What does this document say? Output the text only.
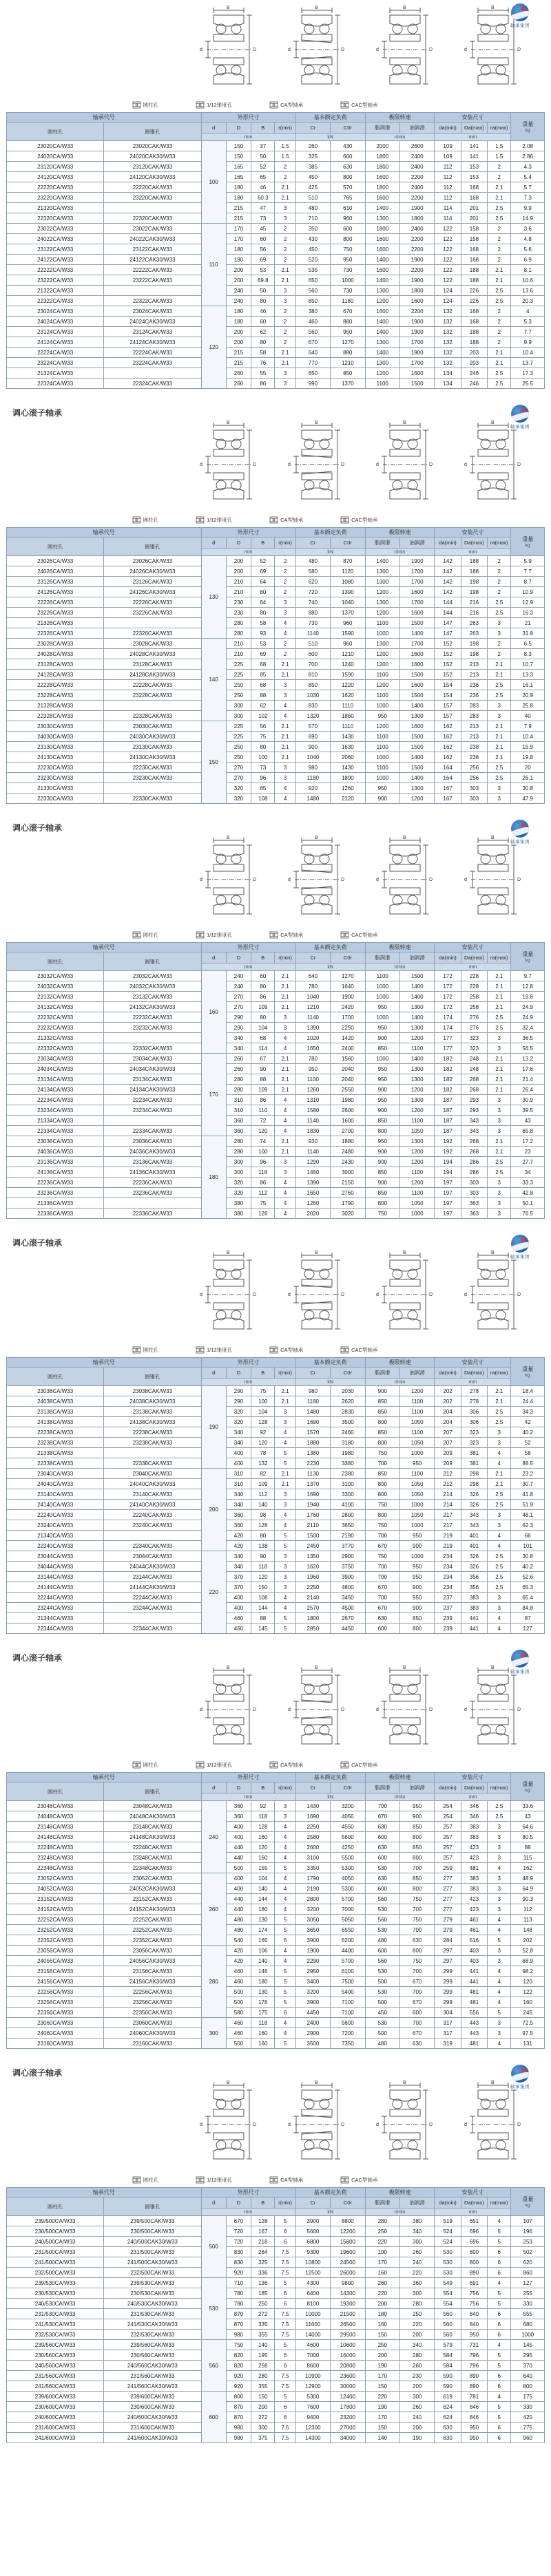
轴承集团
B
D
d
B
D
d
B
D
d
B
D
d
圆柱孔	1/12锥度孔	CA型轴承	CAC型轴承
轴承代号		外形尺寸				基本额定负荷		极限转速		安装尺寸			重量
kg

圆柱孔	圆锥孔	d	D	B	r(min)	Cr	C0r	脂润滑	油润滑	da(min)	Da(max)	ra(max)	
		mm				kN		r/min		mm			
23020CA/W33	23020CAK/W33	100	150	37	1.5	260	430	2000	2600	109	141	1.5	2.08
24020CA/W33	24020CAK30/W33		150	50	1.5	325	600	1800	2400	109	141	1.5	2.86
23120CA/W33	23120CAK/W33		165	52	2	385	630	1800	2400	112	153	2	4.3
24120CA/W33	24120CAK30/W33		165	65	2	450	800	1600	2200	112	153	2	5.4
22220CA/W33	22220CAK/W33		180	46	2.1	425	570	1800	2400	112	168	2.1	5.7
23220CA/W33	23220CAK/W33		180	60.3	2.1	510	765	1600	2200	112	168	2.1	7.3
21320CA/W33			215	47	3	480	610	1400	1900	114	201	2.5	9.9
22320CA/W33	22320CAK/W33		215	73	3	710	960	1300	1800	114	201	2.5	14.9
23022CA/W33	23022CAK/W33	110	170	45	2	350	600	1800	2400	122	158	2	3.6
24022CA/W33	24022CAK30/W33		170	60	2	430	800	1600	2200	122	158	2	4.8
23122CA/W33	23122CAK/W33		180	56	2	450	750	1600	2200	122	168	2	5.6
24122CA/W33	24122CAK30/W33		180	69	2	520	950	1400	1900	122	168	2	6.9
22222CA/W33	22222CAK/W33		200	53	2.1	535	730	1600	2200	122	188	2.1	8.1
23222CA/W33	23222CAK/W33		200	69.8	2.1	650	1000	1400	1900	122	188	2.1	10.6
21322CA/W33			240	50	3	560	730	1300	1800	124	226	2.5	13.6
22322CA/W33	22322CAK/W33		240	80	3	850	1180	1200	1600	124	226	2.5	20.3
23024CA/W33	23024CAK/W33	120	180	46	2	380	670	1600	2200	132	168	2	4
24024CA/W33	24024CAK30/W33		180	60	2	460	880	1400	1900	132	168	2	5.3
23124CA/W33	23124CAK/W33		200	62	2	560	950	1400	1900	132	188	2	7.7
24124CA/W33	24124CAK30/W33		200	80	2	670	1270	1300	1700	132	188	2	9.9
22224CA/W33	22224CAK/W33		215	58	2.1	640	880	1400	1900	132	203	2.1	10.4
23224CA/W33	23224CAK/W33		215	76	2.1	770	1210	1300	1700	132	203	2.1	13.7
21324CA/W33			260	55	3	650	850	1200	1600	134	246	2.5	17.3
22324CA/W33	22324CAK/W33		260	86	3	990	1370	1100	1500	134	246	2.5	25.5
调心滚子轴承
轴承集团
B
D
d
B
D
d
B
D
d
B
D
d
圆柱孔	1/12锥度孔	CA型轴承	CAC型轴承
轴承代号		外形尺寸				基本额定负荷		极限转速		安装尺寸			重量
kg

圆柱孔	圆锥孔	d	D	B	r(min)	Cr	C0r	脂润滑	油润滑	da(min)	Da(max)	ra(max)	
		mm				kN		r/min		mm			
23026CA/W33	23026CAK/W33	130	200	52	2	480	870	1400	1900	142	188	2	5.9
24026CA/W33	24026CAK30/W33		200	69	2	580	1120	1300	1700	142	188	2	7.7
23126CA/W33	23126CAK/W33		210	64	2	620	1080	1300	1700	142	198	2	8.7
24126CA/W33	24126CAK30/W33		210	80	2	720	1390	1200	1600	142	198	2	10.9
22226CA/W33	22226CAK/W33		230	64	3	740	1040	1300	1700	144	216	2.5	12.9
23226CA/W33	23226CAK/W33		230	80	3	880	1370	1200	1600	144	216	2.5	16.3
21326CA/W33			280	58	4	730	960	1100	1500	147	263	3	21
22326CA/W33	22326CAK/W33		280	93	4	1140	1590	1000	1400	147	263	3	31.8
23028CA/W33	23028CAK/W33	140	210	53	2	510	960	1300	1700	152	198	2	6.5
24028CA/W33	24028CAK30/W33		210	69	2	600	1210	1200	1600	152	198	2	8.3
23128CA/W33	23128CAK/W33		225	68	2.1	700	1240	1200	1600	152	213	2.1	10.7
24128CA/W33	24128CAK30/W33		225	85	2.1	810	1590	1100	1500	152	213	2.1	13.3
22228CA/W33	22228CAK/W33		250	68	3	850	1220	1200	1600	154	236	2.5	16.1
23228CA/W33	23228CAK/W33		250	88	3	1030	1620	1100	1500	154	236	2.5	20.9
21328CA/W33			300	62	4	830	1110	1000	1400	157	283	3	25.8
22328CA/W33	22328CAK/W33		300	102	4	1320	1860	950	1300	157	283	3	40
23030CA/W33	23030CAK/W33	150	225	56	2.1	570	1110	1200	1600	162	213	2.1	7.9
24030CA/W33	24030CAK30/W33		225	75	2.1	690	1430	1100	1500	162	213	2.1	10.4
23130CA/W33	23130CAK/W33		250	80	2.1	900	1630	1100	1500	162	238	2.1	15.9
24130CA/W33	24130CAK30/W33		250	100	2.1	1040	2060	1000	1400	162	238	2.1	19.8
22230CA/W33	22230CAK/W33		270	73	3	980	1430	1100	1500	164	256	2.5	20
23230CA/W33	23230CAK/W33		270	96	3	1180	1890	1000	1400	164	256	2.5	26.1
21330CA/W33			320	65	4	920	1260	950	1300	167	303	3	30.8
22330CA/W33	22330CAK/W33		320	108	4	1480	2120	900	1200	167	303	3	47.9
调心滚子轴承
轴承集团
B
D
d
B
D
d
B
D
d
B
D
d
圆柱孔	1/12锥度孔	CA型轴承	CAC型轴承
轴承代号		外形尺寸				基本额定负荷		极限转速		安装尺寸			重量
kg

圆柱孔	圆锥孔	d	D	B	r(min)	Cr	C0r	脂润滑	油润滑	da(min)	Da(max)	ra(max)	
		mm				kN		r/min		mm			
23032CA/W33	23032CAK/W33	160	240	60	2.1	640	1270	1100	1500	172	228	2.1	9.7
24032CA/W33	24032CAK30/W33		240	80	2.1	780	1640	1000	1400	172	228	2.1	12.8
23132CA/W33	23132CAK/W33		270	86	2.1	1040	1900	1000	1400	172	258	2.1	19.8
24132CA/W33	24132CAK30/W33		270	109	2.1	1210	2420	950	1300	172	258	2.1	24.9
22232CA/W33	22232CAK/W33		290	80	3	1140	1700	1000	1400	174	276	2.5	24.9
23232CA/W33	23232CAK/W33		290	104	3	1390	2250	950	1300	174	276	2.5	32.4
21332CA/W33			340	68	4	1020	1420	900	1200	177	323	3	36.5
22332CA/W33	22332CAK/W33		340	114	4	1650	2400	850	1100	177	323	3	56.5
23034CA/W33	23034CAK/W33	170	260	67	2.1	780	1560	1000	1400	182	248	2.1	13.2
24034CA/W33	24034CAK30/W33		260	90	2.1	950	2040	950	1300	182	248	2.1	17.6
23134CA/W33	23134CAK/W33		280	88	2.1	1100	2040	950	1300	182	268	2.1	21.4
24134CA/W33	24134CAK30/W33		280	109	2.1	1260	2550	900	1200	182	268	2.1	26.4
22234CA/W33	22234CAK/W33		310	86	4	1310	1980	950	1300	187	293	3	30.9
23234CA/W33	23234CAK/W33		310	110	4	1580	2600	900	1200	187	293	3	39.5
21334CA/W33			360	72	4	1140	1600	850	1100	187	343	3	43
22334CA/W33	22334CAK/W33		360	120	4	1830	2700	800	1050	187	343	3	65.8
23036CA/W33	23036CAK/W33	180	280	74	2.1	930	1880	950	1300	192	268	2.1	17.2
24036CA/W33	24036CAK30/W33		280	100	2.1	1140	2480	900	1200	192	268	2.1	23
23136CA/W33	23136CAK/W33		300	96	3	1290	2430	900	1200	194	286	2.5	27.7
24136CA/W33	24136CAK30/W33		300	118	3	1460	3000	850	1100	194	286	2.5	34
22236CA/W33	22236CAK/W33		320	86	4	1390	2150	900	1200	197	303	3	33.3
23236CA/W33	23236CAK/W33		320	112	4	1650	2760	850	1100	197	303	3	42.8
21336CA/W33			380	75	4	1260	1790	800	1050	197	363	3	50.1
22336CA/W33	22336CAK/W33		380	126	4	2020	3020	750	1000	197	363	3	76.5
调心滚子轴承
轴承集团
B
D
d
B
D
d
B
D
d
B
D
d
圆柱孔	1/12锥度孔	CA型轴承	CAC型轴承
轴承代号		外形尺寸				基本额定负荷		极限转速		安装尺寸			重量
kg

圆柱孔	圆锥孔	d	D	B	r(min)	Cr	C0r	脂润滑	油润滑	da(min)	Da(max)	ra(max)	
		mm				kN		r/min		mm			
23038CA/W33	23038CAK/W33	190	290	75	2.1	980	2030	900	1200	202	278	2.1	18.4
24038CA/W33	24038CAK30/W33		290	100	2.1	1180	2620	850	1100	202	278	2.1	24.4
23138CA/W33	23138CAK/W33		320	104	3	1480	2830	850	1100	204	306	2.5	34.3
24138CA/W33	24138CAK30/W33		320	128	3	1690	3500	800	1050	204	306	2.5	42
22238CA/W33	22238CAK/W33		340	92	4	1570	2460	850	1100	207	323	3	40.2
23238CA/W33	23238CAK/W33		340	120	4	1880	3180	800	1050	207	323	3	52
21338CA/W33			400	78	5	1380	1980	750	1000	209	381	4	58
22338CA/W33	22338CAK/W33		400	132	5	2230	3380	700	950	209	381	4	88.5
23040CA/W33	23040CAK/W33	200	310	82	2.1	1130	2380	850	1100	212	298	2.1	23.2
24040CA/W33	24040CAK30/W33		310	109	2.1	1370	3100	800	1050	212	298	2.1	30.7
23140CA/W33	23140CAK/W33		340	112	3	1690	3300	800	1050	214	326	2.5	41.8
24140CA/W33	24140CAK30/W33		340	140	3	1940	4100	750	1000	214	326	2.5	51.9
22240CA/W33	22240CAK/W33		360	98	4	1760	2800	800	1050	217	343	3	48.1
23240CA/W33	23240CAK/W33		360	128	4	2110	3650	750	1000	217	343	3	62.3
21340CA/W33			420	80	5	1500	2190	700	950	219	401	4	66
22340CA/W33	22340CAK/W33		420	138	5	2450	3770	670	900	219	401	4	101
23044CA/W33	23044CAK/W33	220	340	90	3	1350	2900	750	1000	234	326	2.5	30.8
24044CA/W33	24044CAK30/W33		340	118	3	1620	3750	700	950	234	326	2.5	40.2
23144CA/W33	23144CAK/W33		370	120	3	1960	3900	700	950	234	356	2.5	52.6
24144CA/W33	24144CAK30/W33		370	150	3	2250	4800	670	900	234	356	2.5	65.3
22244CA/W33	22244CAK/W33		400	108	4	2140	3450	700	950	237	383	3	65.4
23244CA/W33	23244CAK/W33		400	144	4	2570	4500	670	900	237	383	3	84.8
21344CA/W33			460	88	5	1800	2670	630	850	239	441	4	87
22344CA/W33	22344CAK/W33		460	145	5	2850	4450	600	800	239	441	4	127
调心滚子轴承
轴承集团
B
D
d
B
D
d
B
D
d
B
D
d
圆柱孔	1/12锥度孔	CA型轴承	CAC型轴承
轴承代号		外形尺寸				基本额定负荷		极限转速		安装尺寸			重量
kg

圆柱孔	圆锥孔	d	D	B	r(min)	Cr	C0r	脂润滑	油润滑	da(min)	Da(max)	ra(max)	
		mm				kN		r/min		mm			
23048CA/W33	23048CAK/W33	240	360	92	3	1430	3200	700	950	254	346	2.5	33.6
24048CA/W33	24048CAK30/W33		360	118	3	1690	4050	670	900	254	346	2.5	43
23148CA/W33	23148CAK/W33		400	128	4	2250	4550	630	850	257	383	3	64.6
24148CA/W33	24148CAK30/W33		400	160	4	2580	5600	600	800	257	383	3	80.5
22248CA/W33	22248CAK/W33		440	120	4	2600	4250	630	850	257	423	3	88
23248CA/W33	23248CAK/W33		440	160	4	3100	5500	600	800	257	423	3	115
22348CA/W33	22348CAK/W33		500	155	5	3350	5300	530	700	259	481	4	162
23052CA/W33	23052CAK/W33	260	400	104	4	1790	4050	630	850	277	383	3	48.9
24052CA/W33	24052CAK30/W33		400	140	4	2190	5300	600	800	277	383	3	64.9
23152CA/W33	23152CAK/W33		440	144	4	2800	5700	560	750	277	423	3	90.3
24152CA/W33	24152CAK30/W33		440	180	4	3200	7000	530	700	277	423	3	112
22252CA/W33	22252CAK/W33		480	130	5	3050	5050	560	750	279	461	4	113
23252CA/W33	23252CAK/W33		480	174	5	3650	6550	530	700	279	461	4	148
22352CA/W33	22352CAK/W33		540	165	6	3900	6200	480	630	284	516	5	202
23056CA/W33	23056CAK/W33	280	420	106	4	1900	4400	600	800	297	403	3	52.8
24056CA/W33	24056CAK30/W33		420	140	4	2290	5700	560	750	297	403	3	68.9
23156CA/W33	23156CAK/W33		460	146	5	2950	6100	530	700	299	441	4	98.2
24156CA/W33	24156CAK30/W33		460	180	5	3400	7500	500	670	299	441	4	120
22256CA/W33	22256CAK/W33		500	130	5	3200	5400	530	700	299	481	4	122
23256CA/W33	23256CAK/W33		500	176	5	3900	7100	500	670	299	481	4	160
22356CA/W33	22356CAK/W33		580	175	6	4450	7100	450	600	304	556	5	245
23060CA/W33	23060CAK/W33	300	460	118	4	2400	5600	530	700	317	443	3	72.5
24060CA/W33	24060CAK30/W33		460	160	4	2900	7200	500	670	317	443	3	97.5
23160CA/W33	23160CAK/W33		500	160	5	3500	7350	480	630	319	481	4	131
调心滚子轴承
轴承集团
B
D
d
B
D
d
B
D
d
B
D
d
圆柱孔	1/12锥度孔	CA型轴承	CAC型轴承
轴承代号		外形尺寸				基本额定负荷		极限转速		安装尺寸			重量
kg

圆柱孔	圆锥孔	d	D	B	r(min)	Cr	C0r	脂润滑	油润滑	da(min)	Da(max)	ra(max)	
		mm				kN		r/min		mm			
239/500CA/W33	239/500CAK/W33	500	670	128	5	3900	8800	280	380	519	651	4	107
230/500CA/W33	230/500CAK/W33		720	167	6	5600	12200	250	340	524	696	5	196
240/500CA/W33	240/500CAK30/W33		720	218	6	6800	15800	220	300	524	696	5	253
231/500CA/W33	231/500CAK/W33		830	264	7.5	9300	19600	190	260	530	800	6	502
241/500CA/W33	241/500CAK30/W33		830	325	7.5	10800	24500	170	240	530	800	6	620
232/500CA/W33	232/500CAK/W33		920	336	7.5	12500	26000	160	220	530	890	6	860
239/530CA/W33	239/530CAK/W33	530	710	136	5	4300	9800	260	360	549	691	4	127
230/530CA/W33	230/530CAK/W33		780	185	6	6400	14300	220	300	554	756	5	255
240/530CA/W33	240/530CAK30/W33		780	250	6	8100	19300	200	280	554	756	5	330
231/530CA/W33	231/530CAK/W33		870	272	7.5	10000	21500	180	250	560	840	6	555
241/530CA/W33	241/530CAK30/W33		870	335	7.5	11600	26500	160	220	560	840	6	680
232/530CA/W33	232/530CAK/W33		980	355	7.5	14000	29500	150	200	560	950	6	1000
239/560CA/W33	239/560CAK/W33	560	750	140	5	4600	10600	250	340	579	731	4	145
230/560CA/W33	230/560CAK/W33		820	195	6	7000	16000	200	280	584	796	5	295
240/560CA/W33	240/560CAK30/W33		820	258	6	8600	20800	190	260	584	796	5	370
231/560CA/W33	231/560CAK/W33		920	280	7.5	10900	23600	170	230	590	890	6	640
241/560CA/W33	241/560CAK30/W33		920	355	7.5	12900	30000	150	200	590	890	6	800
239/600CA/W33	239/600CAK/W33	600	800	150	5	5300	12400	220	300	619	781	4	175
230/600CA/W33	230/600CAK/W33		870	200	6	7600	17800	190	260	624	846	5	330
240/600CA/W33	240/600CAK30/W33		870	272	6	9400	23200	170	240	624	846	5	420
231/600CA/W33	231/600CAK/W33		980	300	7.5	12300	27000	150	200	630	950	6	775
241/600CA/W33	241/600CAK30/W33		980	375	7.5	14300	34000	140	190	630	950	6	960
